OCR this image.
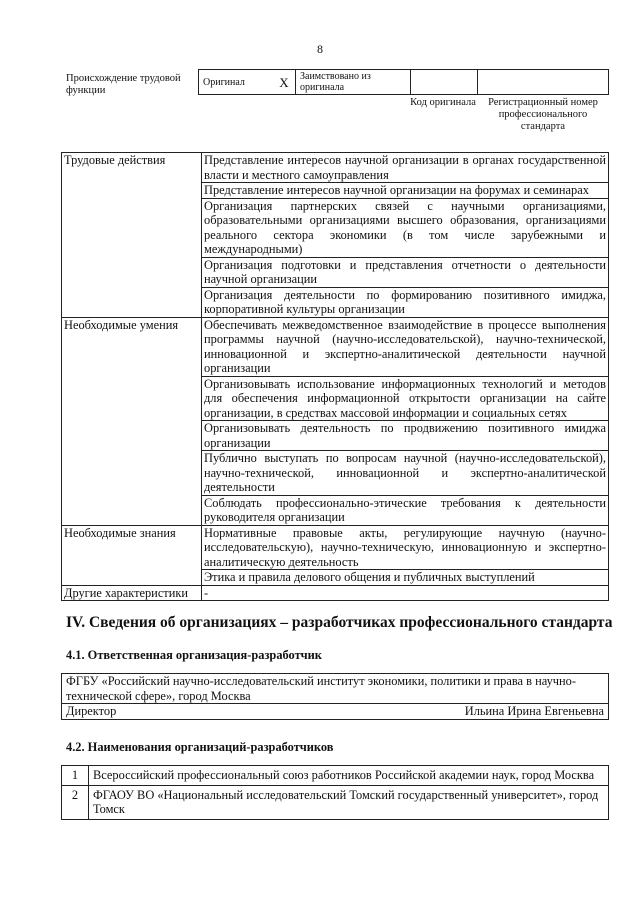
8
Происхождение трудовой функции
Оригинал	X	Заимствовано из оригинала		
Код оригинала	Регистрационный номер профессионального стандарта
Трудовые действия	Представление интересов научной организации в органах государственной власти и местного самоуправления
	Представление интересов научной организации на форумах и семинарах
	Организация партнерских связей с научными организациями, образовательными организациями высшего образования, организациями реального сектора экономики (в том числе зарубежными и международными)
	Организация подготовки и представления отчетности о деятельности научной организации
	Организация деятельности по формированию позитивного имиджа, корпоративной культуры организации
Необходимые умения	Обеспечивать межведомственное взаимодействие в процессе выполнения программы научной (научно-исследовательской), научно-технической, инновационной и экспертно-аналитической деятельности научной организации
	Организовывать использование информационных технологий и методов для обеспечения информационной открытости организации на сайте организации, в средствах массовой информации и социальных сетях
	Организовывать деятельность по продвижению позитивного имиджа организации
	Публично выступать по вопросам научной (научно-исследовательской), научно-технической, инновационной и экспертно-аналитической деятельности
	Соблюдать профессионально-этические требования к деятельности руководителя организации
Необходимые знания	Нормативные правовые акты, регулирующие научную (научно-исследовательскую), научно-техническую, инновационную и экспертно-аналитическую деятельность
	Этика и правила делового общения и публичных выступлений
Другие характеристики	-
IV. Сведения об организациях – разработчиках профессионального стандарта
4.1. Ответственная организация-разработчик
ФГБУ «Российский научно-исследовательский институт экономики, политики и права в научно-технической сфере», город Москва
Директор	Ильина Ирина Евгеньевна
4.2. Наименования организаций-разработчиков
1	Всероссийский профессиональный союз работников Российской академии наук, город Москва
2	ФГАОУ ВО «Национальный исследовательский Томский государственный университет», город Томск
